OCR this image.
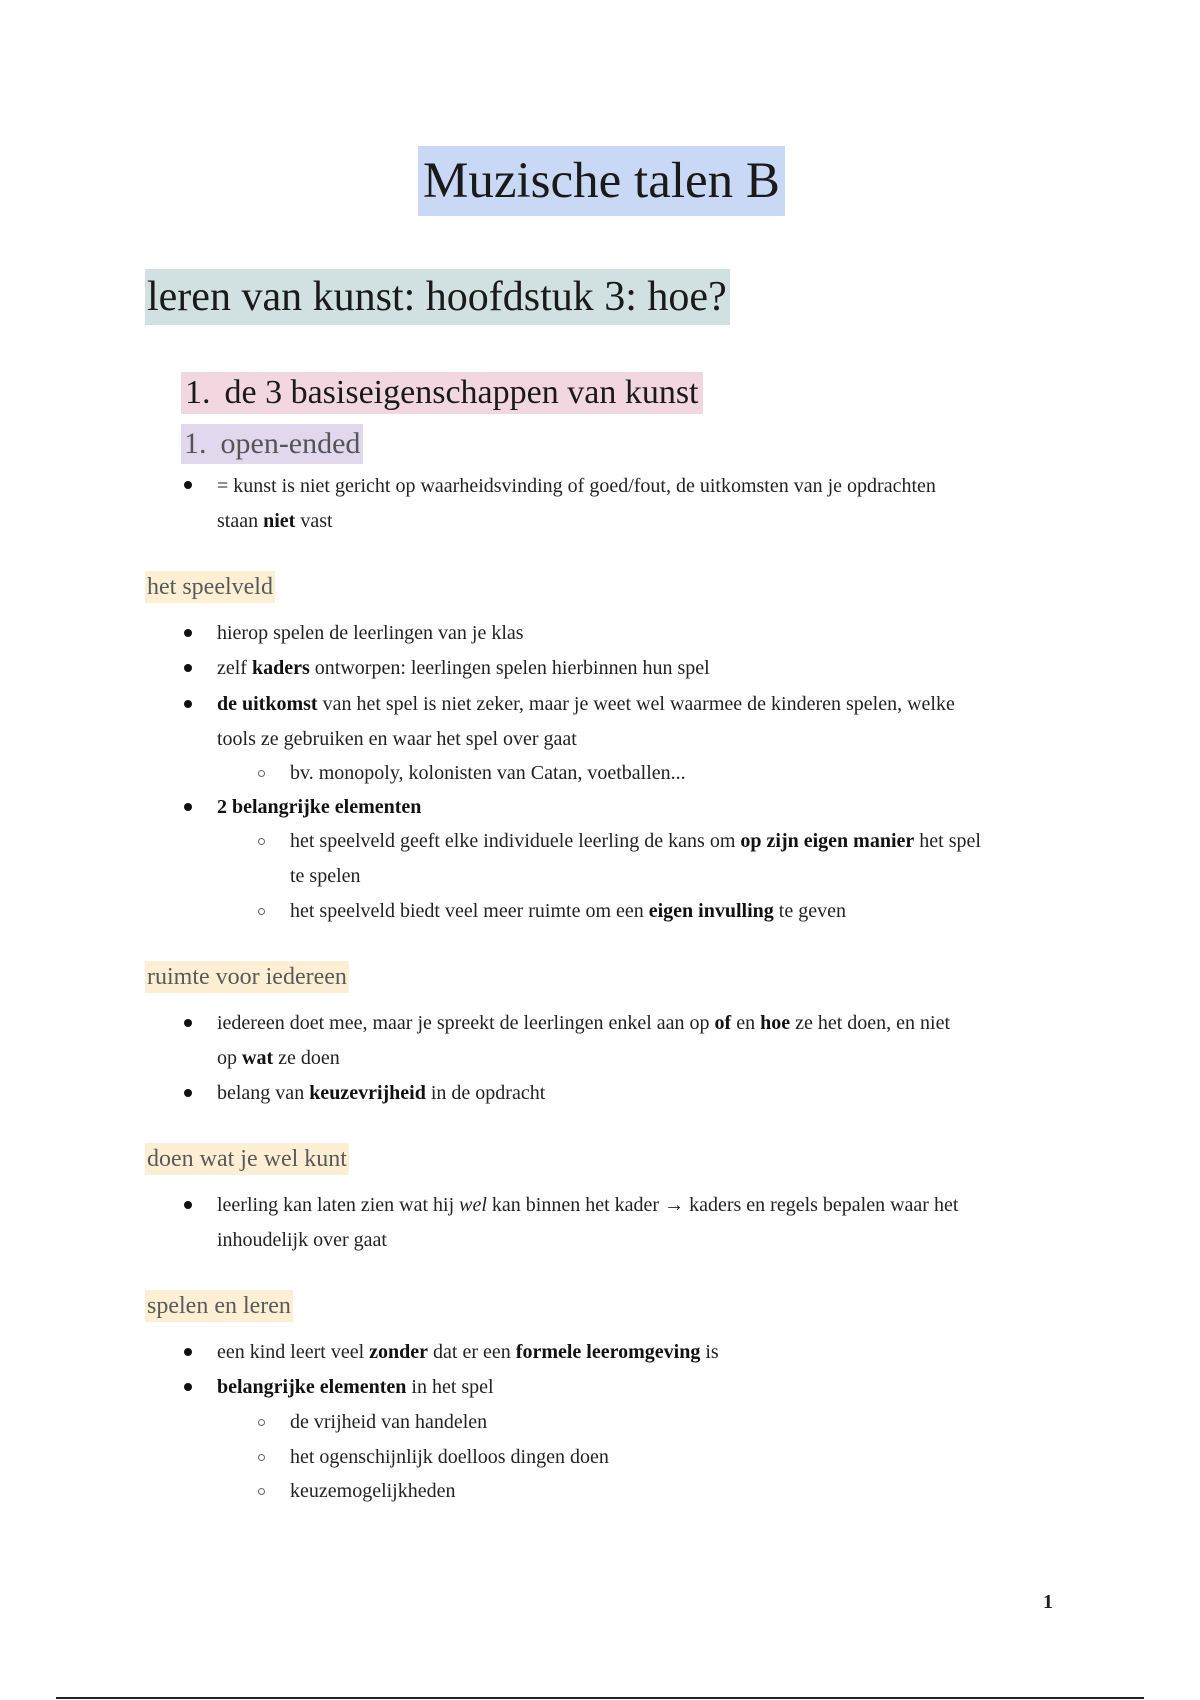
Muzische talen B
leren van kunst: hoofdstuk 3: hoe?
1. de 3 basiseigenschappen van kunst
1. open-ended
= kunst is niet gericht op waarheidsvinding of goed/fout, de uitkomsten van je opdrachten
staan niet vast
het speelveld
hierop spelen de leerlingen van je klas
zelf kaders ontworpen: leerlingen spelen hierbinnen hun spel
de uitkomst van het spel is niet zeker, maar je weet wel waarmee de kinderen spelen, welke
tools ze gebruiken en waar het spel over gaat
bv. monopoly, kolonisten van Catan, voetballen...
2 belangrijke elementen
het speelveld geeft elke individuele leerling de kans om op zijn eigen manier het spel
te spelen
het speelveld biedt veel meer ruimte om een eigen invulling te geven
ruimte voor iedereen
iedereen doet mee, maar je spreekt de leerlingen enkel aan op of en hoe ze het doen, en niet
op wat ze doen
belang van keuzevrijheid in de opdracht
doen wat je wel kunt
leerling kan laten zien wat hij wel kan binnen het kader → kaders en regels bepalen waar het
inhoudelijk over gaat
spelen en leren
een kind leert veel zonder dat er een formele leeromgeving is
belangrijke elementen in het spel
de vrijheid van handelen
het ogenschijnlijk doelloos dingen doen
keuzemogelijkheden
1
